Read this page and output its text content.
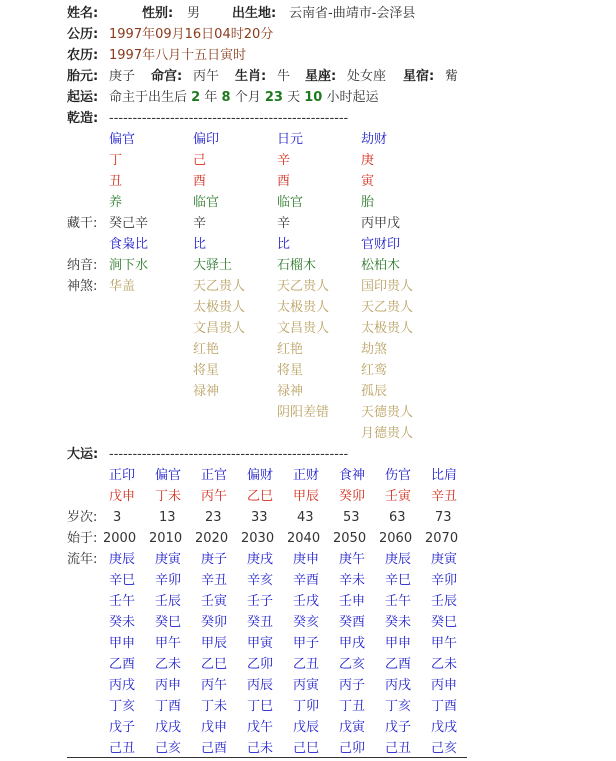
姓名:	性别: 男 出生地: 云南省-曲靖市-会泽县
公历: 1997年09月16日04时20分
农历: 1997年八月十五日寅时
胎元: 庚子 命宫: 丙午 生肖: 牛 星座: 处女座 星宿: 觜
起运: 命主于出生后 2 年 8 个月 23 天 10 小时起运
乾造: ---------------------------------------------------
偏官
丁
丑
养
癸己辛
食枭比
涧下水
华盖
偏印
己
酉
临官
辛
比
大驿土
天乙贵人
太极贵人
文昌贵人
红艳
将星
禄神
日元
辛
酉
临官
辛
比
石榴木
天乙贵人
太极贵人
文昌贵人
红艳
将星
禄神
阴阳差错
劫财
庚
寅
胎
丙甲戊
官财印
松柏木
国印贵人
天乙贵人
太极贵人
劫煞
红鸾
孤辰
天德贵人
月德贵人
藏干:
纳音:
神煞:
大运: ---------------------------------------------------
岁次:
始于:
流年:
正印 偏官 正官 偏财 正财 食神 伤官 比肩
戊申 丁未 丙午 乙巳 甲辰 癸卯 壬寅 辛丑
3	13 23 33 43 53 63 73
2000 2010 2020 2030 2040 2050 2060 2070
庚辰 庚寅 庚子 庚戌 庚申 庚午 庚辰 庚寅
辛巳 辛卯 辛丑 辛亥 辛酉 辛未 辛巳 辛卯
壬午 壬辰 壬寅 壬子 壬戌 壬申 壬午 壬辰
癸未 癸巳 癸卯 癸丑 癸亥 癸酉 癸未 癸巳
甲申 甲午 甲辰 甲寅 甲子 甲戌 甲申 甲午
乙酉 乙未 乙巳 乙卯 乙丑 乙亥 乙酉 乙未
丙戌 丙申 丙午 丙辰 丙寅 丙子 丙戌 丙申
丁亥 丁酉 丁未 丁巳 丁卯 丁丑 丁亥 丁酉
戊子 戊戌 戊申 戊午 戊辰 戊寅 戊子 戊戌
己丑 己亥 己酉 己未 己巳 己卯 己丑 己亥
